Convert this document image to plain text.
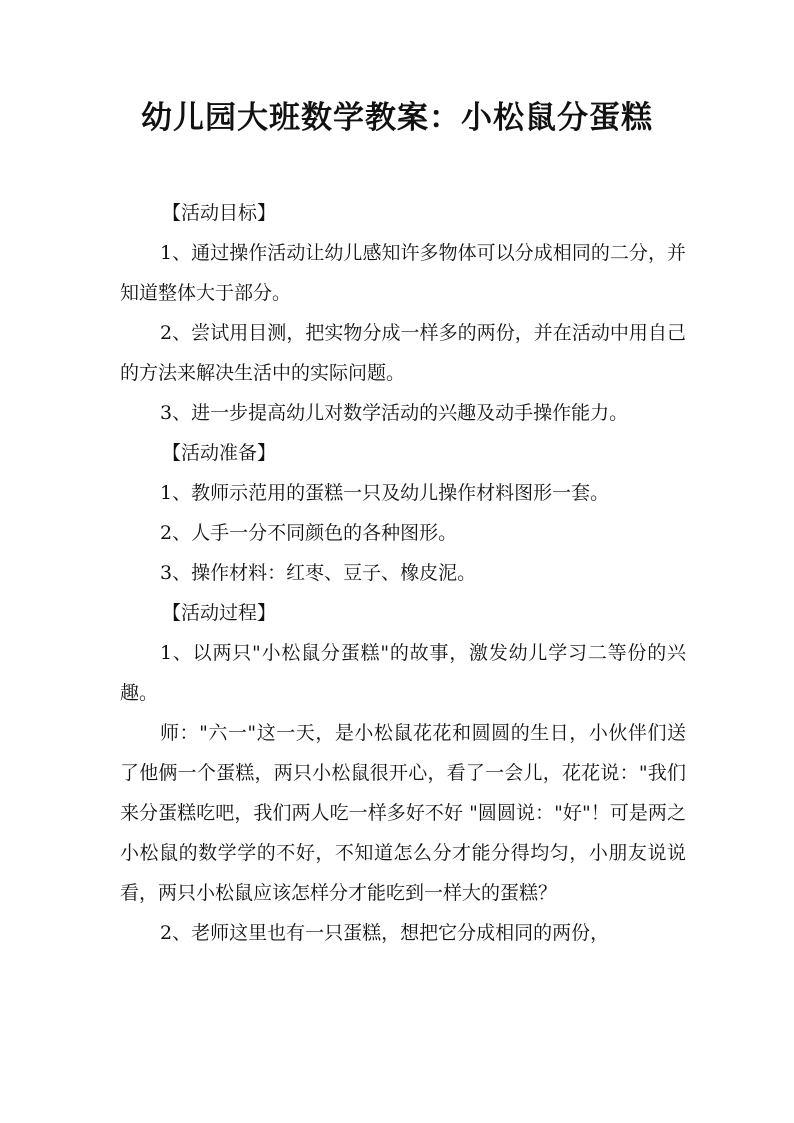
幼儿园大班数学教案：小松鼠分蛋糕

【活动目标】

1、通过操作活动让幼儿感知许多物体可以分成相同的二分，并知道整体大于部分。

2、尝试用目测，把实物分成一样多的两份，并在活动中用自己的方法来解决生活中的实际问题。

3、进一步提高幼儿对数学活动的兴趣及动手操作能力。

【活动准备】

1、教师示范用的蛋糕一只及幼儿操作材料图形一套。

2、人手一分不同颜色的各种图形。

3、操作材料：红枣、豆子、橡皮泥。

【活动过程】

1、以两只"小松鼠分蛋糕"的故事，激发幼儿学习二等份的兴趣。

师："六一"这一天，是小松鼠花花和圆圆的生日，小伙伴们送了他俩一个蛋糕，两只小松鼠很开心，看了一会儿，花花说："我们来分蛋糕吃吧，我们两人吃一样多好不好 "圆圆说："好"！可是两之小松鼠的数学学的不好，不知道怎么分才能分得均匀，小朋友说说看，两只小松鼠应该怎样分才能吃到一样大的蛋糕？

2、老师这里也有一只蛋糕，想把它分成相同的两份，
